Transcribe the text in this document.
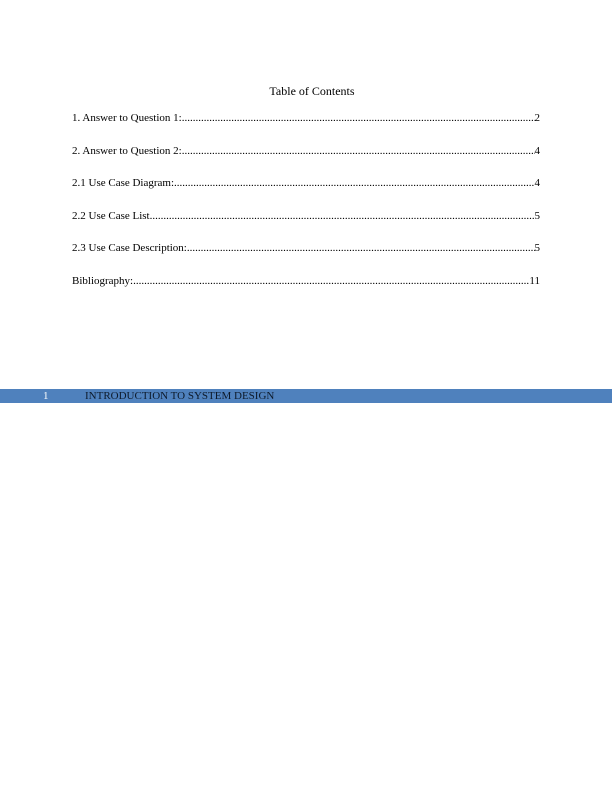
Table of Contents
1. Answer to Question 1: .....	2
2. Answer to Question 2: .....	4
2.1 Use Case Diagram: .....	4
2.2 Use Case List .....	5
2.3 Use Case Description: .....	5
Bibliography: .....	11
1	INTRODUCTION TO SYSTEM DESIGN
